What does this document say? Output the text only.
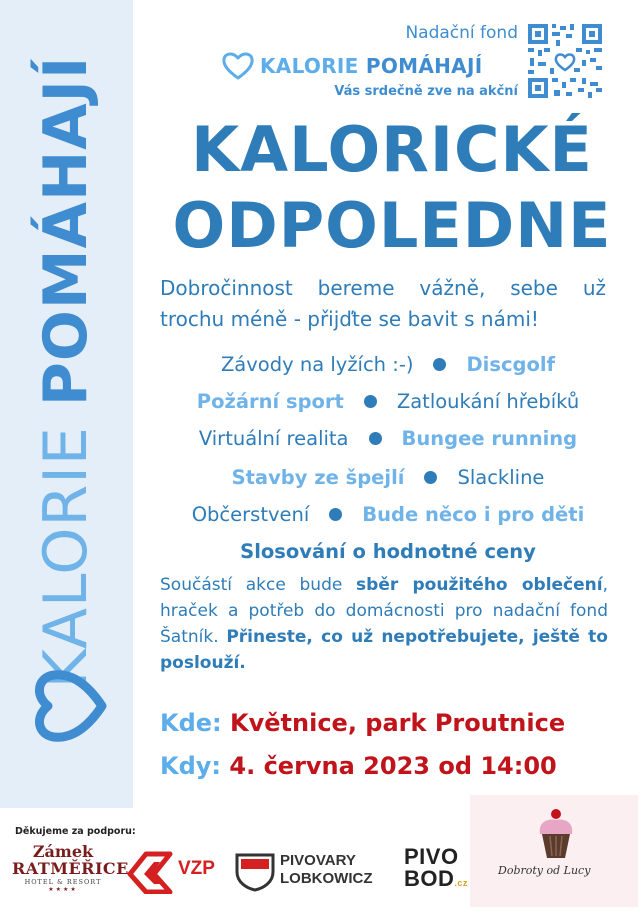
KALORIE POMÁHAJÍ
Nadační fond
KALORIE POMÁHAJÍ
Vás srdečně zve na akční
KALORICKÉ
ODPOLEDNE
Dobročinnost bereme vážně, sebe už
trochu méně - přijďte se bavit s námi!
Závody na lyžích :-)	Discgolf
Požární sport	Zatloukání hřebíků
Virtuální realita	Bungee running
Stavby ze špejlí	Slackline
Občerstvení	Bude něco i pro děti
Slosování o hodnotné ceny
Součástí akce bude sběr použitého oblečení, hraček a potřeb do domácnosti pro nadační fond Šatník. Přineste, co už nepotřebujete, ještě to poslouží.
Kde: Květnice, park Proutnice
Kdy: 4. června 2023 od 14:00
Děkujeme za podporu:
Zámek
RATMĚŘICE
HOTEL & RESORT
★★★★
VZP	PIVOVARY
LOBKOWICZ
PIVO
BOD.cz
Dobroty od Lucy
